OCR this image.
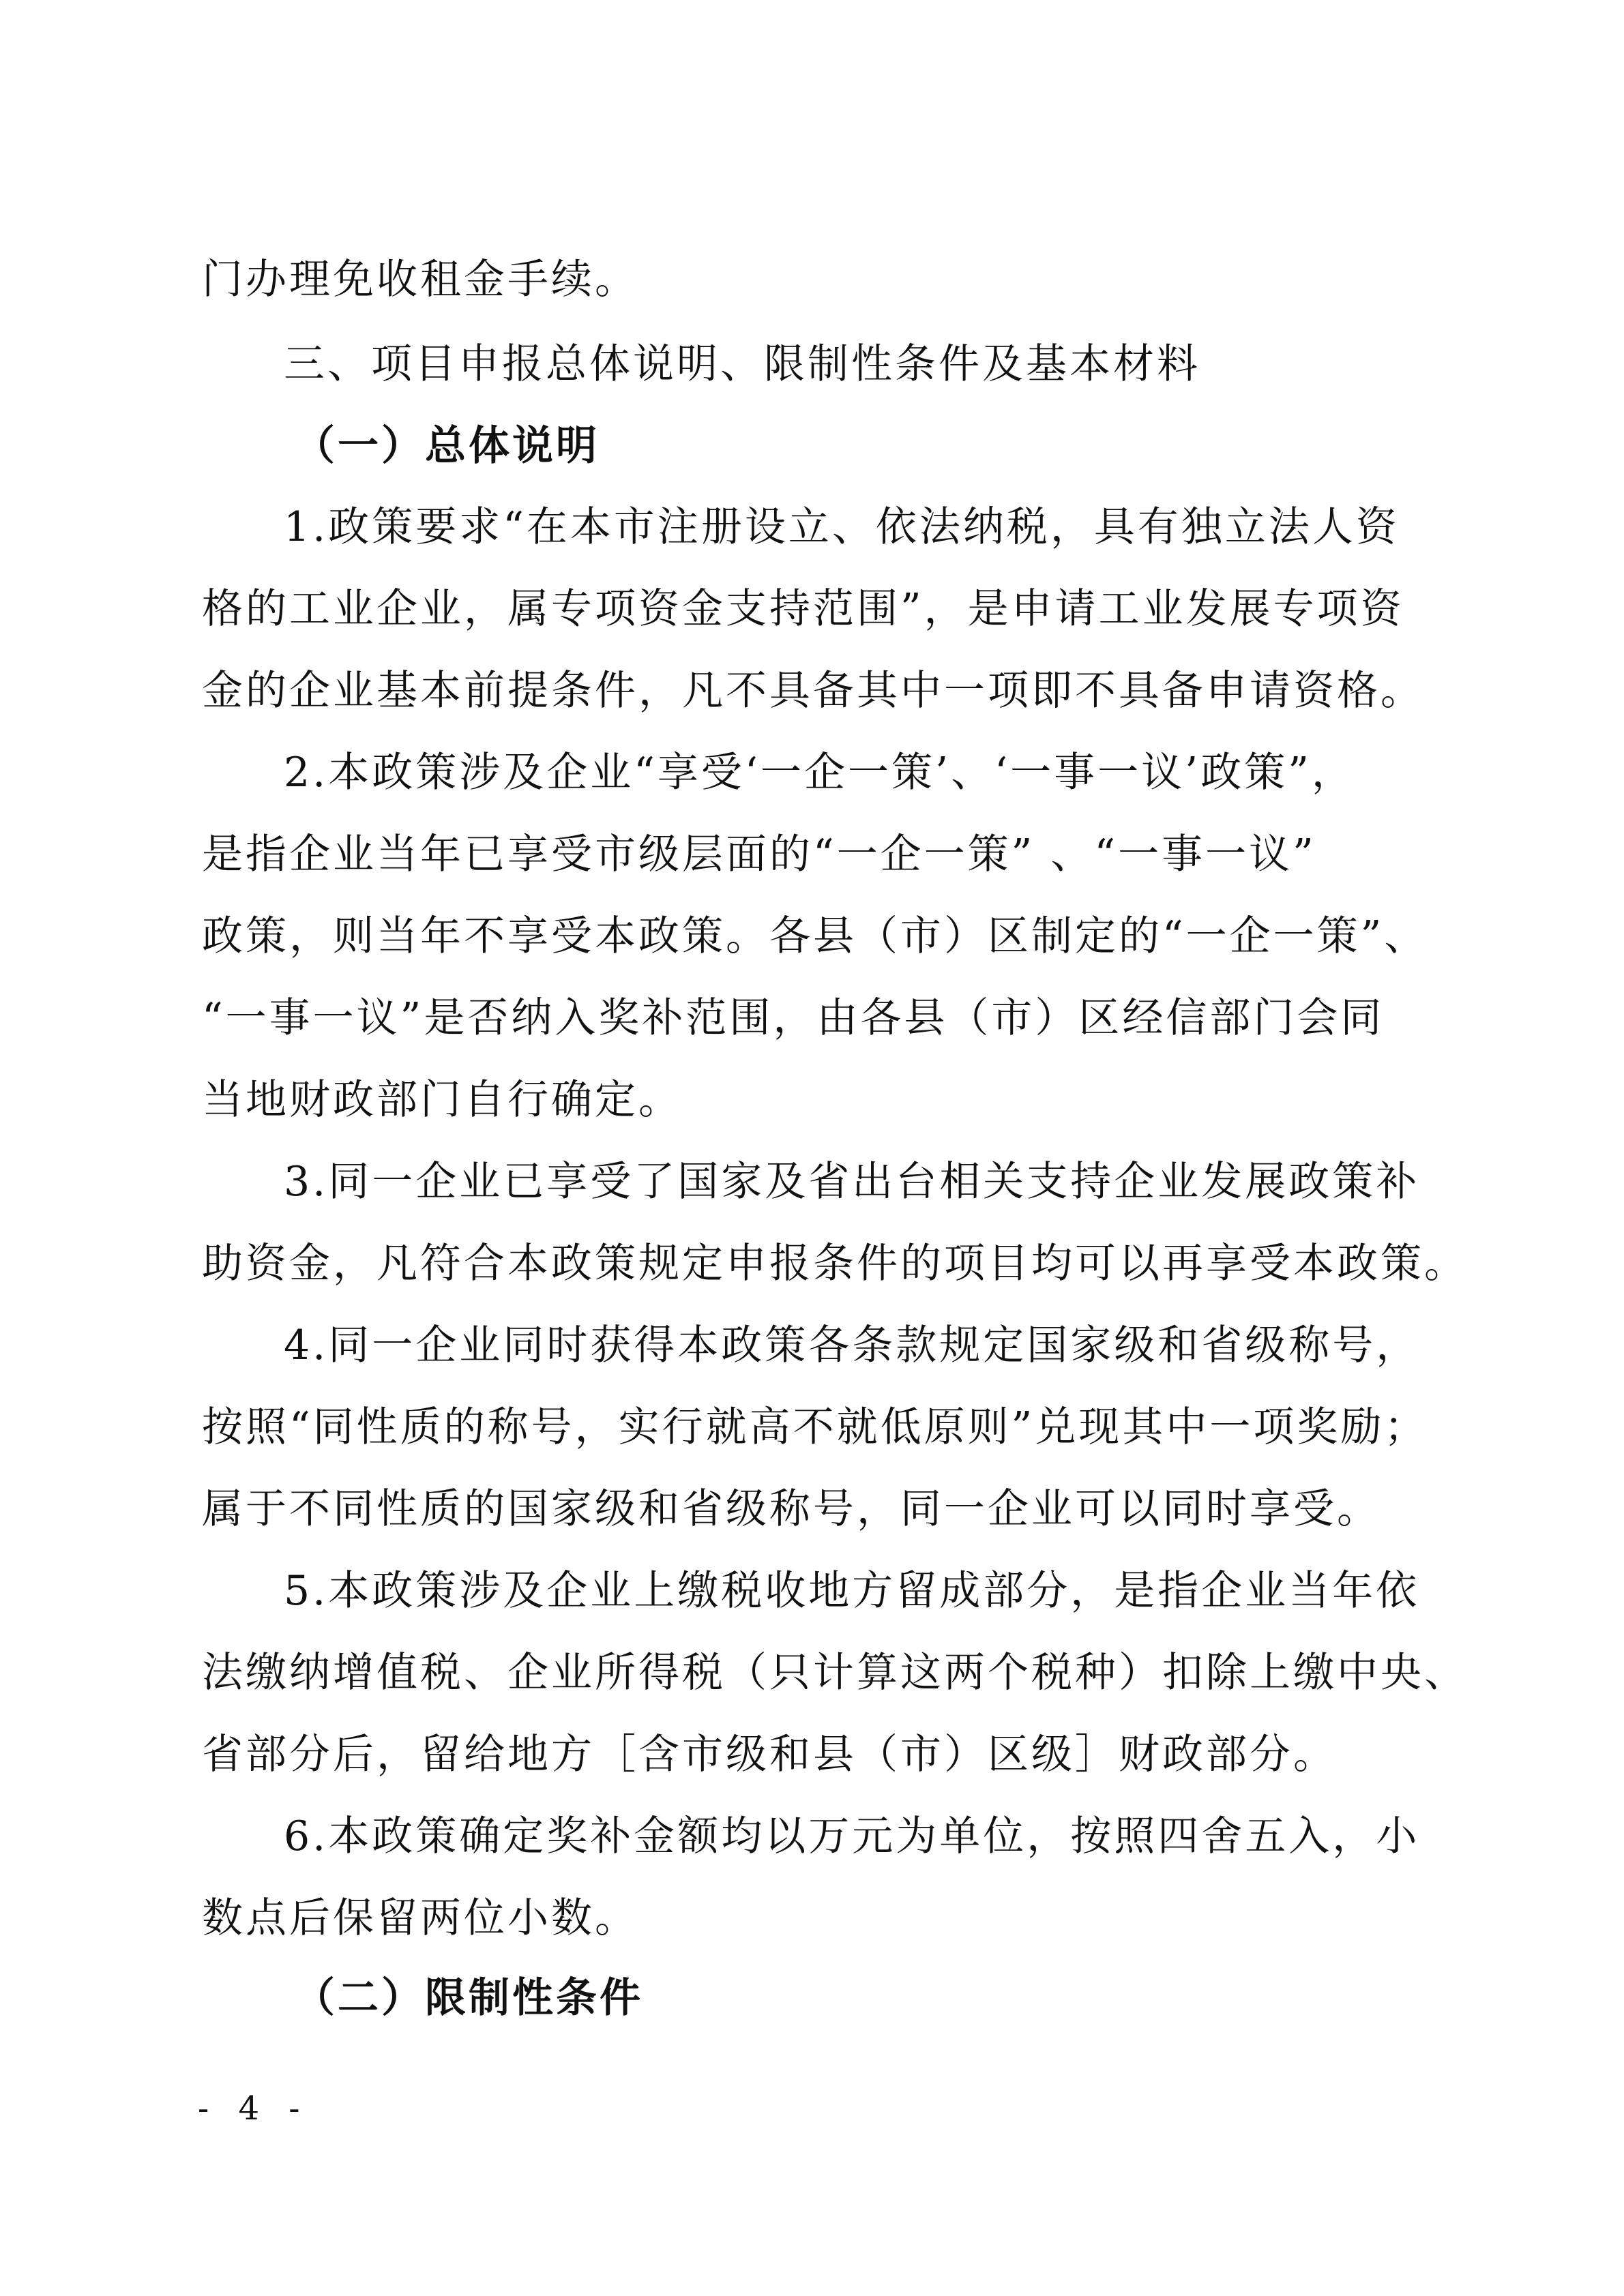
门办理免收租金手续。
三、项目申报总体说明、限制性条件及基本材料
（一）总体说明
1.政策要求“在本市注册设立、依法纳税，具有独立法人资
格的工业企业，属专项资金支持范围”，是申请工业发展专项资
金的企业基本前提条件，凡不具备其中一项即不具备申请资格。
2.本政策涉及企业“享受‘一企一策’、‘一事一议’政策”，
是指企业当年已享受市级层面的“一企一策” 、“一事一议”
政策，则当年不享受本政策。各县（市）区制定的“一企一策”、
“一事一议”是否纳入奖补范围，由各县（市）区经信部门会同
当地财政部门自行确定。
3.同一企业已享受了国家及省出台相关支持企业发展政策补
助资金，凡符合本政策规定申报条件的项目均可以再享受本政策。
4.同一企业同时获得本政策各条款规定国家级和省级称号，
按照“同性质的称号，实行就高不就低原则”兑现其中一项奖励；
属于不同性质的国家级和省级称号，同一企业可以同时享受。
5.本政策涉及企业上缴税收地方留成部分，是指企业当年依
法缴纳增值税、企业所得税（只计算这两个税种）扣除上缴中央、
省部分后，留给地方［含市级和县（市）区级］财政部分。
6.本政策确定奖补金额均以万元为单位，按照四舍五入，小
数点后保留两位小数。
（二）限制性条件
- 4 -
